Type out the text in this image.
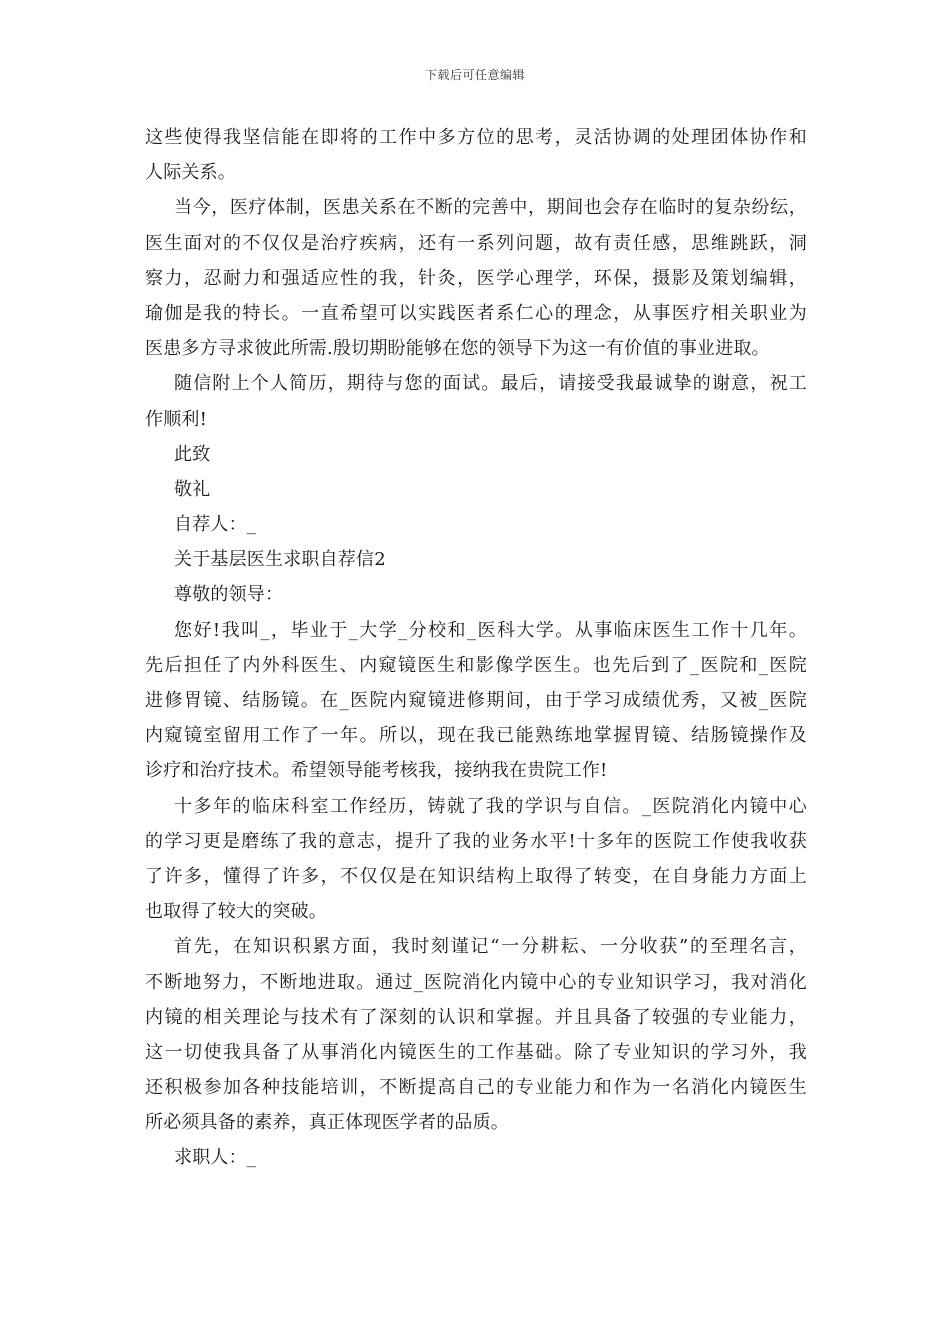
下载后可任意编辑
这些使得我坚信能在即将的工作中多方位的思考，灵活协调的处理团体协作和
人际关系。
当今，医疗体制，医患关系在不断的完善中，期间也会存在临时的复杂纷纭，
医生面对的不仅仅是治疗疾病，还有一系列问题，故有责任感，思维跳跃，洞
察力，忍耐力和强适应性的我，针灸，医学心理学，环保，摄影及策划编辑，
瑜伽是我的特长。一直希望可以实践医者系仁心的理念，从事医疗相关职业为
医患多方寻求彼此所需.殷切期盼能够在您的领导下为这一有价值的事业进取。
随信附上个人简历，期待与您的面试。最后，请接受我最诚挚的谢意，祝工
作顺利!
此致
敬礼
自荐人：_
关于基层医生求职自荐信2
尊敬的领导：
您好!我叫_，毕业于_大学_分校和_医科大学。从事临床医生工作十几年。
先后担任了内外科医生、内窥镜医生和影像学医生。也先后到了_医院和_医院
进修胃镜、结肠镜。在_医院内窥镜进修期间，由于学习成绩优秀，又被_医院
内窥镜室留用工作了一年。所以，现在我已能熟练地掌握胃镜、结肠镜操作及
诊疗和治疗技术。希望领导能考核我，接纳我在贵院工作!
十多年的临床科室工作经历，铸就了我的学识与自信。_医院消化内镜中心
的学习更是磨练了我的意志，提升了我的业务水平!十多年的医院工作使我收获
了许多，懂得了许多，不仅仅是在知识结构上取得了转变，在自身能力方面上
也取得了较大的突破。
首先，在知识积累方面，我时刻谨记“一分耕耘、一分收获”的至理名言，
不断地努力，不断地进取。通过_医院消化内镜中心的专业知识学习，我对消化
内镜的相关理论与技术有了深刻的认识和掌握。并且具备了较强的专业能力，
这一切使我具备了从事消化内镜医生的工作基础。除了专业知识的学习外，我
还积极参加各种技能培训，不断提高自己的专业能力和作为一名消化内镜医生
所必须具备的素养，真正体现医学者的品质。
求职人：_
